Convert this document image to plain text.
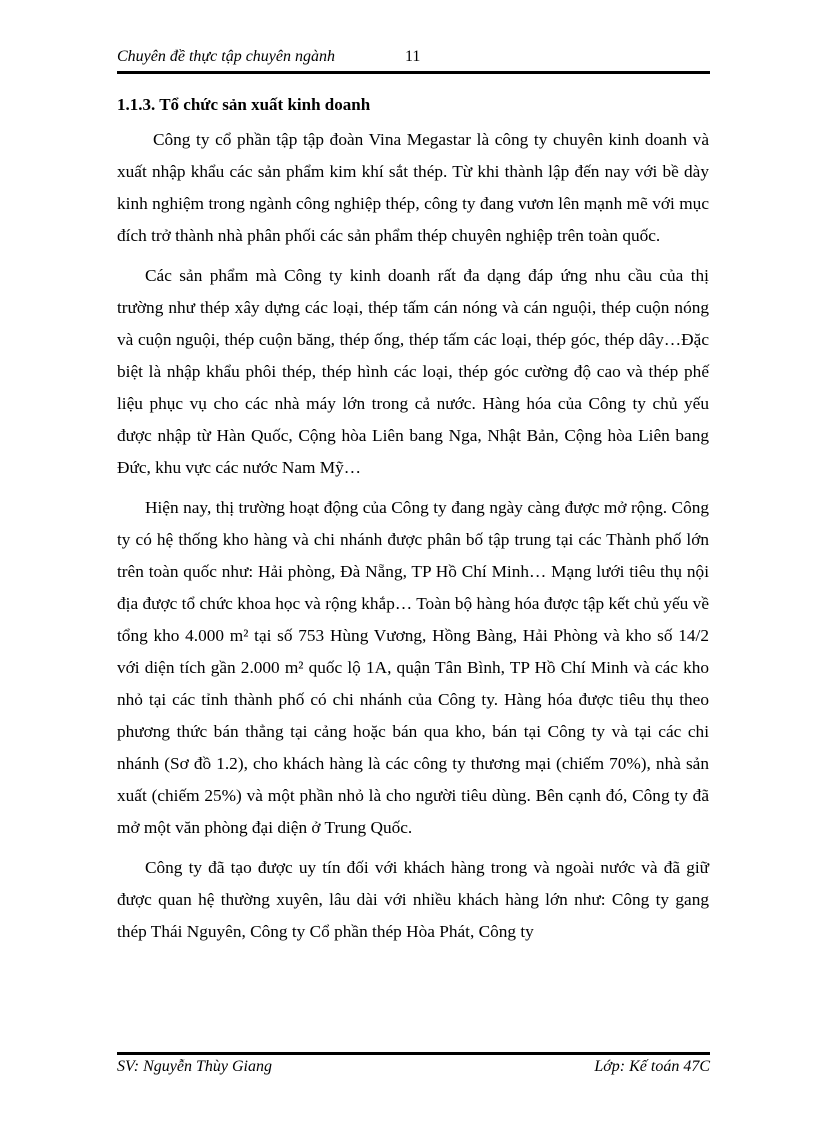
Chuyên đề thực tập chuyên ngành	11
1.1.3. Tổ chức sản xuất kinh doanh

Công ty cổ phần tập tập đoàn Vina Megastar là công ty chuyên kinh doanh và xuất nhập khẩu các sản phẩm kim khí sắt thép. Từ khi thành lập đến nay với bề dày kinh nghiệm trong ngành công nghiệp thép, công ty đang vươn lên mạnh mẽ với mục đích trở thành nhà phân phối các sản phẩm thép chuyên nghiệp trên toàn quốc.

Các sản phẩm mà Công ty kinh doanh rất đa dạng đáp ứng nhu cầu của thị trường như thép xây dựng các loại, thép tấm cán nóng và cán nguội, thép cuộn nóng và cuộn nguội, thép cuộn băng, thép ống, thép tấm các loại, thép góc, thép dây…Đặc biệt là nhập khẩu phôi thép, thép hình các loại, thép góc cường độ cao và thép phế liệu phục vụ cho các nhà máy lớn trong cả nước. Hàng hóa của Công ty chủ yếu được nhập từ Hàn Quốc, Cộng hòa Liên bang Nga, Nhật Bản, Cộng hòa Liên bang Đức, khu vực các nước Nam Mỹ…

Hiện nay, thị trường hoạt động của Công ty đang ngày càng được mở rộng. Công ty có hệ thống kho hàng và chi nhánh được phân bố tập trung tại các Thành phố lớn trên toàn quốc như: Hải phòng, Đà Nẵng, TP Hồ Chí Minh… Mạng lưới tiêu thụ nội địa được tổ chức khoa học và rộng khắp… Toàn bộ hàng hóa được tập kết chủ yếu về tổng kho 4.000 m² tại số 753 Hùng Vương, Hồng Bàng, Hải Phòng và kho số 14/2 với diện tích gần 2.000 m² quốc lộ 1A, quận Tân Bình, TP Hồ Chí Minh và các kho nhỏ tại các tỉnh thành phố có chi nhánh của Công ty. Hàng hóa được tiêu thụ theo phương thức bán thẳng tại cảng hoặc bán qua kho, bán tại Công ty và tại các chi nhánh (Sơ đồ 1.2), cho khách hàng là các công ty thương mại (chiếm 70%), nhà sản xuất (chiếm 25%) và một phần nhỏ là cho người tiêu dùng. Bên cạnh đó, Công ty đã mở một văn phòng đại diện ở Trung Quốc.

Công ty đã tạo được uy tín đối với khách hàng trong và ngoài nước và đã giữ được quan hệ thường xuyên, lâu dài với nhiều khách hàng lớn như: Công ty gang thép Thái Nguyên, Công ty Cổ phần thép Hòa Phát, Công ty

SV: Nguyễn Thùy Giang	Lớp: Kế toán 47C
